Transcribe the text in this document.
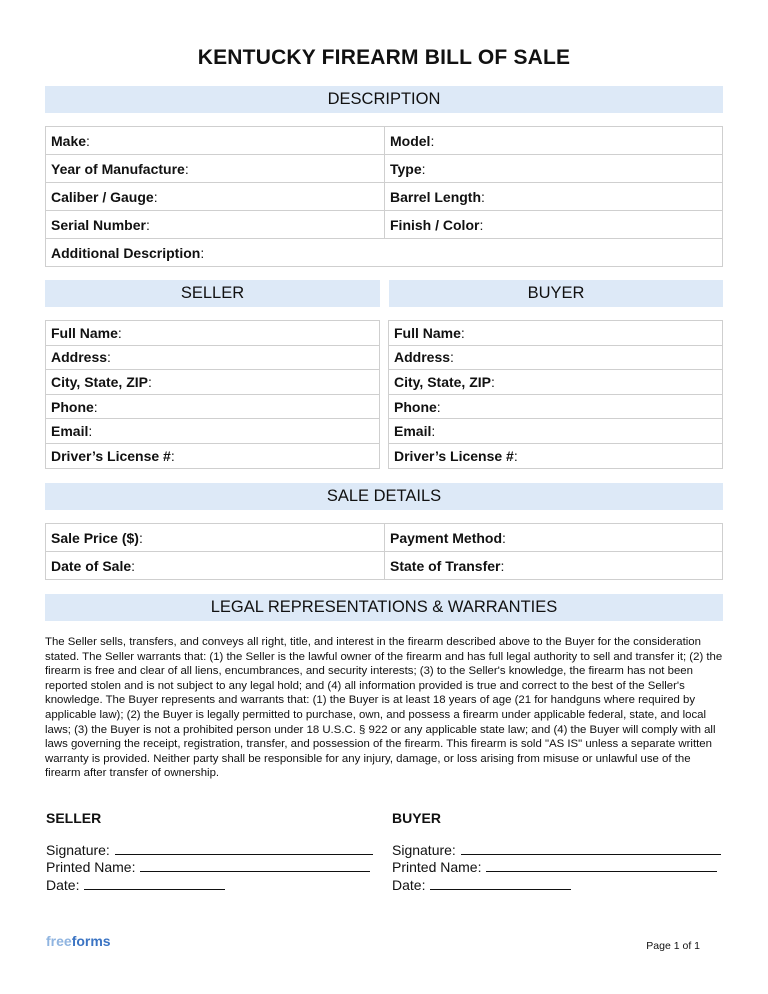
KENTUCKY FIREARM BILL OF SALE
DESCRIPTION
Make:	Model:
Year of Manufacture:	Type:
Caliber / Gauge:	Barrel Length:
Serial Number:	Finish / Color:
Additional Description:	
SELLER	BUYER
Full Name:
Address:
City, State, ZIP:
Phone:
Email:
Driver’s License #:
Full Name:
Address:
City, State, ZIP:
Phone:
Email:
Driver’s License #:
SALE DETAILS
Sale Price ($):	Payment Method:
Date of Sale:	State of Transfer:
LEGAL REPRESENTATIONS & WARRANTIES
The Seller sells, transfers, and conveys all right, title, and interest in the firearm described above to the Buyer for the consideration stated. The Seller warrants that: (1) the Seller is the lawful owner of the firearm and has full legal authority to sell and transfer it; (2) the firearm is free and clear of all liens, encumbrances, and security interests; (3) to the Seller's knowledge, the firearm has not been reported stolen and is not subject to any legal hold; and (4) all information provided is true and correct to the best of the Seller's knowledge. The Buyer represents and warrants that: (1) the Buyer is at least 18 years of age (21 for handguns where required by applicable law); (2) the Buyer is legally permitted to purchase, own, and possess a firearm under applicable federal, state, and local laws; (3) the Buyer is not a prohibited person under 18 U.S.C. § 922 or any applicable state law; and (4) the Buyer will comply with all laws governing the receipt, registration, transfer, and possession of the firearm. This firearm is sold "AS IS" unless a separate written warranty is provided. Neither party shall be responsible for any injury, damage, or loss arising from misuse or unlawful use of the firearm after transfer of ownership.
SELLER	BUYER
Signature:
Printed Name:
Date:
Signature:
Printed Name:
Date:
freeforms	Page 1 of 1
